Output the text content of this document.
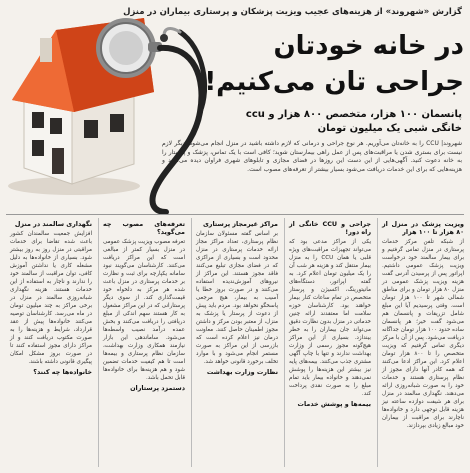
گزارش «شهروند» از هزینه‌های عجیب ویزیت پزشکان و پرستاری بیماران در منزل
در خانه خودتان
جراحی تان می‌کنیم!
پانسمان ۱۰۰ هزار، متخصص ۸۰۰ هزار و ccu
خانگی شبی یک میلیون تومان
شهروند| CCU را به خانه‌تان می‌آوریم. هر نوع جراحی و درمانی که لازم داشته باشید در منزل انجام می‌شود. دیگر لازم نیست برای بستری شدن یا مراقبت‌های پس از عمل راهی بیمارستان شوید؛ کافی است با یک تماس، پزشک و پرستار را به خانه دعوت کنید. آگهی‌هایی از این دست این روزها در فضای مجازی و تابلوهای شهری فراوان دیده می‌شود و هزینه‌هایی که برای این خدمات دریافت می‌شود بسیار بیشتر از تعرفه‌های مصوب است.
ویزیت پزشک در منزل از ۸۰ هزار تا ۱۰۰ هزار
از شبکه تلفن مرکز خدمات پرستاری در منزل تماس گرفتیم و برای بیمار سالمند خود درخواست ویزیت پزشک عمومی داشتیم. اپراتور پس از پرسیدن آدرس گفت هزینه ویزیت پزشک عمومی در منزل ۸۰ هزار تومان و برای مناطق شمالی شهر تا ۱۰۰ هزار تومان است. وقتی پرسیدیم آیا این مبلغ شامل تزریقات و پانسمان هم می‌شود گفت خیر؛ هر پانسمان ساده حدود ۱۰۰ هزار تومان جداگانه دریافت می‌شود. پس از آن با مرکز دیگری تماس گرفتیم که ویزیت متخصص را تا ۸۰۰ هزار تومان اعلام کرد. این مراکز ادعا می‌کنند که همه کادر آنها دارای مجوز از نظام پرستاری هستند و خدمات خود را به صورت شبانه‌روزی ارائه می‌دهند. نگهداری سالمند در منزل برای هر شیفت دوازده ساعته نیز هزینه قابل توجهی دارد و خانواده‌ها ناچارند برای مراقبت از بیماران خود مبالغ زیادی بپردازند.
جراحی و CCU خانگی از راه دور!
یکی از مراکز مدعی بود که می‌تواند تجهیزات مراقبت‌های ویژه قلبی یا همان CCU را به منزل بیمار منتقل کند و هزینه هر شب آن را یک میلیون تومان اعلام کرد. به گفته اپراتور، دستگاه‌های مانیتورینگ، اکسیژن و پرستار متخصص در تمام ساعات کنار بیمار خواهند بود. کارشناسان حوزه سلامت اما معتقدند ارائه چنین خدماتی در منزل بدون نظارت دقیق می‌تواند جان بیماران را به خطر بیندازد. بسیاری از این مراکز هیچ‌گونه مجوز رسمی از وزارت بهداشت ندارند و تنها با چاپ آگهی مشتری جذب می‌کنند. بیمه‌های پایه نیز بیشتر این هزینه‌ها را پوشش نمی‌دهند و خانواده بیمار باید تمام مبلغ را به صورت نقدی پرداخت کند.
بیمه‌ها و پوشش خدمات
مراکز غیرمجاز پرستاری
بر اساس گفته مسئولان سازمان نظام پرستاری، تعداد مراکز مجاز ارائه خدمات پرستاری در منزل محدود است و بسیاری از مراکزی که در فضای مجازی تبلیغ می‌کنند فاقد مجوز هستند. این مراکز از نیروهای آموزش‌ندیده استفاده می‌کنند و در صورت بروز خطا یا آسیب به بیمار، هیچ مرجعی پاسخگو نخواهد بود. مردم باید پیش از دعوت از پرستار یا پزشک به منزل، از معتبر بودن مرکز و داشتن مجوز اطمینان حاصل کنند. معاونت درمان نیز اعلام کرده است که بازرسی از این مراکز به صورت مستمر انجام می‌شود و با موارد تخلف برخورد قانونی خواهد شد.
نظارت وزارت بهداشت
تعرفه‌های مصوب چه می‌گوید؟
تعرفه مصوب ویزیت پزشک عمومی در منزل بسیار کمتر از مبالغی است که این مراکز دریافت می‌کنند. کارشناسان می‌گویند نبود سامانه یکپارچه برای ثبت و نظارت بر خدمات پرستاری در منزل باعث شده هر مرکز به دلخواه خود قیمت‌گذاری کند. از سوی دیگر پرستارانی که در این مراکز مشغول به کار هستند سهم اندکی از مبلغ دریافتی را دریافت می‌کنند و بخش عمده درآمد نصیب واسطه‌ها می‌شود. ساماندهی این بازار نیازمند همکاری وزارت بهداشت، سازمان نظام پرستاری و بیمه‌ها است تا هم کیفیت خدمات تضمین شود و هم هزینه‌ها برای خانواده‌ها قابل تحمل باشد.
دستمزد پرستاران
نگهداری سالمند در منزل
افزایش جمعیت سالمندان کشور باعث شده تقاضا برای خدمات مراقبتی در منزل روز به روز بیشتر شود. بسیاری از خانواده‌ها به دلیل مشغله کاری یا نداشتن آموزش کافی، توان مراقبت از سالمند خود را ندارند و ناچار به استفاده از این خدمات هستند. هزینه نگهداری شبانه‌روزی سالمند در منزل در برخی مراکز به چند میلیون تومان در ماه می‌رسد. کارشناسان توصیه می‌کنند خانواده‌ها پیش از عقد قرارداد، شرایط و هزینه‌ها را به صورت مکتوب دریافت کنند و از مراکز دارای مجوز استفاده کنند تا در صورت بروز مشکل امکان پیگیری قانونی داشته باشند.
خانواده‌ها چه کنند؟
